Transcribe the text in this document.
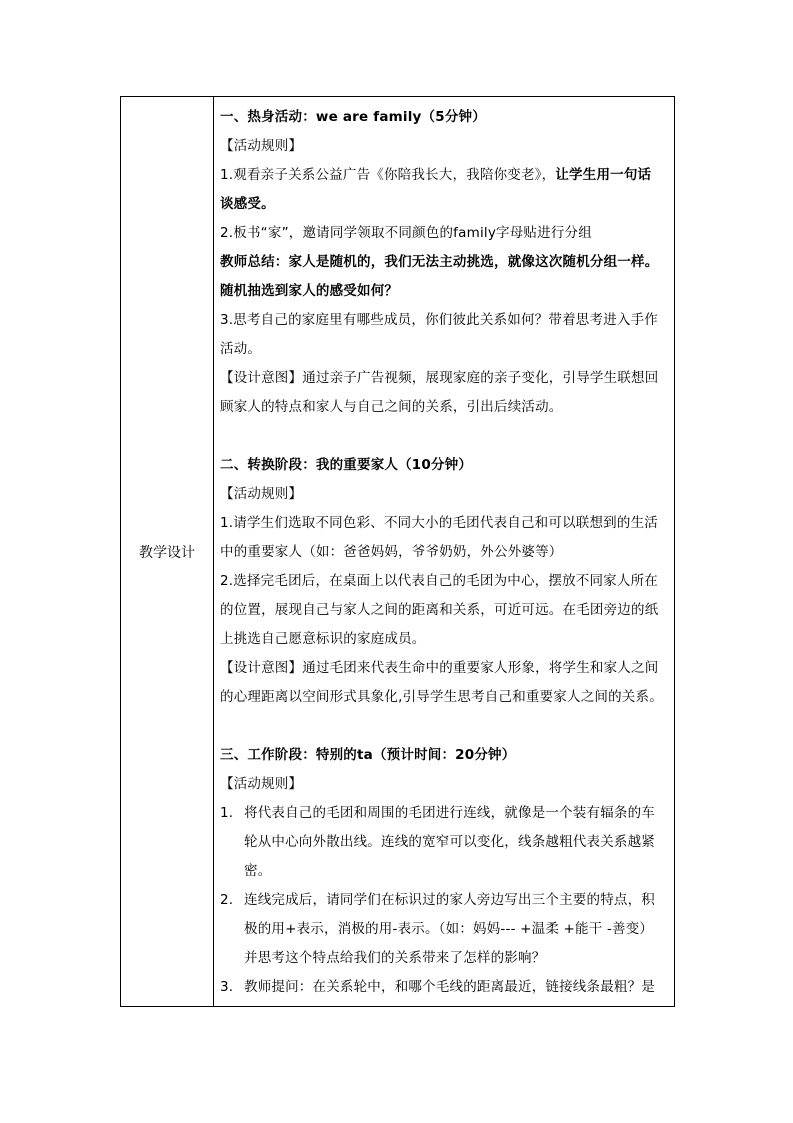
教学设计	
一、热身活动：we are family（5分钟）
【活动规则】
1.观看亲子关系公益广告《你陪我长大，我陪你变老》，让学生用一句话
谈感受。
2.板书“家”，邀请同学领取不同颜色的family字母贴进行分组
教师总结：家人是随机的，我们无法主动挑选，就像这次随机分组一样。
随机抽选到家人的感受如何？
3.思考自己的家庭里有哪些成员，你们彼此关系如何？带着思考进入手作
活动。
【设计意图】通过亲子广告视频，展现家庭的亲子变化，引导学生联想回
顾家人的特点和家人与自己之间的关系，引出后续活动。
二、转换阶段：我的重要家人（10分钟）
【活动规则】
1.请学生们选取不同色彩、不同大小的毛团代表自己和可以联想到的生活
中的重要家人（如：爸爸妈妈，爷爷奶奶，外公外婆等）
2.选择完毛团后，在桌面上以代表自己的毛团为中心，摆放不同家人所在
的位置，展现自己与家人之间的距离和关系，可近可远。在毛团旁边的纸
上挑选自己愿意标识的家庭成员。
【设计意图】通过毛团来代表生命中的重要家人形象，将学生和家人之间
的心理距离以空间形式具象化,引导学生思考自己和重要家人之间的关系。
三、工作阶段：特别的ta（预计时间：20分钟）
【活动规则】
1. 将代表自己的毛团和周围的毛团进行连线，就像是一个装有辐条的车
轮从中心向外散出线。连线的宽窄可以变化，线条越粗代表关系越紧
密。
2. 连线完成后，请同学们在标识过的家人旁边写出三个主要的特点，积
极的用+表示，消极的用-表示。（如：妈妈--- +温柔 +能干 -善变）
并思考这个特点给我们的关系带来了怎样的影响？
3. 教师提问：在关系轮中，和哪个毛线的距离最近，链接线条最粗？是
